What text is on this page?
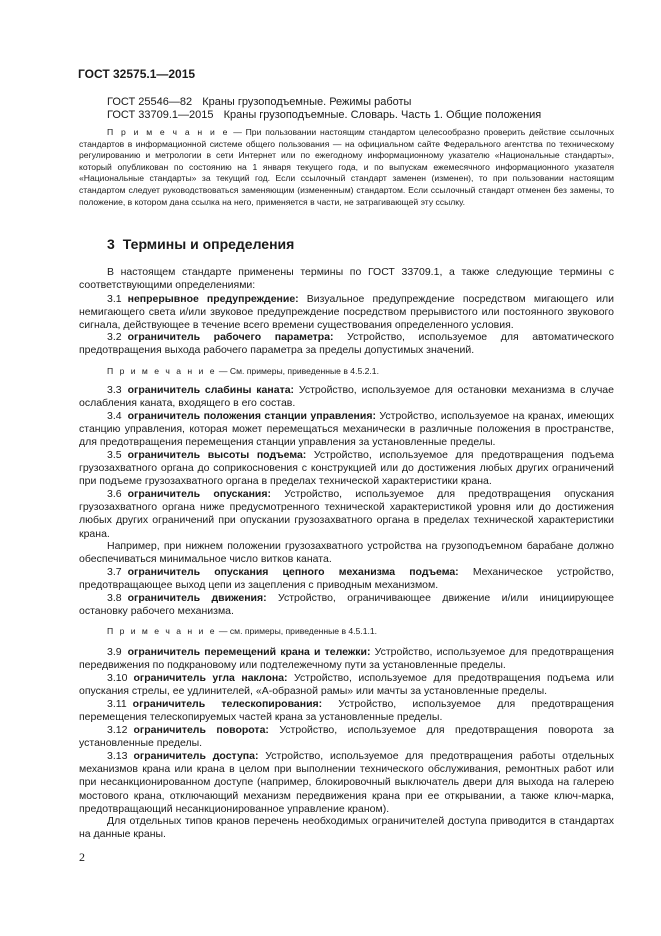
ГОСТ 32575.1—2015
ГОСТ 25546—82 Краны грузоподъемные. Режимы работы
ГОСТ 33709.1—2015 Краны грузоподъемные. Словарь. Часть 1. Общие положения
П р и м е ч а н и е — При пользовании настоящим стандартом целесообразно проверить действие ссылочных стандартов в информационной системе общего пользования — на официальном сайте Федерального агентства по техническому регулированию и метрологии в сети Интернет или по ежегодному информационному указателю «Национальные стандарты», который опубликован по состоянию на 1 января текущего года, и по выпускам ежемесячного информационного указателя «Национальные стандарты» за текущий год. Если ссылочный стандарт заменен (изменен), то при пользовании настоящим стандартом следует руководствоваться заменяющим (измененным) стандартом. Если ссылочный стандарт отменен без замены, то положение, в котором дана ссылка на него, применяется в части, не затрагивающей эту ссылку.
3 Термины и определения
В настоящем стандарте применены термины по ГОСТ 33709.1, а также следующие термины с соответствующими определениями:
3.1 непрерывное предупреждение: Визуальное предупреждение посредством мигающего или немигающего света и/или звуковое предупреждение посредством прерывистого или постоянного звукового сигнала, действующее в течение всего времени существования определенного условия.
3.2 ограничитель рабочего параметра: Устройство, используемое для автоматического предотвращения выхода рабочего параметра за пределы допустимых значений.
П р и м е ч а н и е — См. примеры, приведенные в 4.5.2.1.
3.3 ограничитель слабины каната: Устройство, используемое для остановки механизма в случае ослабления каната, входящего в его состав.
3.4 ограничитель положения станции управления: Устройство, используемое на кранах, имеющих станцию управления, которая может перемещаться механически в различные положения в пространстве, для предотвращения перемещения станции управления за установленные пределы.
3.5 ограничитель высоты подъема: Устройство, используемое для предотвращения подъема грузозахватного органа до соприкосновения с конструкцией или до достижения любых других ограничений при подъеме грузозахватного органа в пределах технической характеристики крана.
3.6 ограничитель опускания: Устройство, используемое для предотвращения опускания грузозахватного органа ниже предусмотренного технической характеристикой уровня или до достижения любых других ограничений при опускании грузозахватного органа в пределах технической характеристики крана.
Например, при нижнем положении грузозахватного устройства на грузоподъемном барабане должно обеспечиваться минимальное число витков каната.
3.7 ограничитель опускания цепного механизма подъема: Механическое устройство, предотвращающее выход цепи из зацепления с приводным механизмом.
3.8 ограничитель движения: Устройство, ограничивающее движение и/или инициирующее остановку рабочего механизма.
П р и м е ч а н и е — см. примеры, приведенные в 4.5.1.1.
3.9 ограничитель перемещений крана и тележки: Устройство, используемое для предотвращения передвижения по подкрановому или подтележечному пути за установленные пределы.
3.10 ограничитель угла наклона: Устройство, используемое для предотвращения подъема или опускания стрелы, ее удлинителей, «А-образной рамы» или мачты за установленные пределы.
3.11 ограничитель телескопирования: Устройство, используемое для предотвращения перемещения телескопируемых частей крана за установленные пределы.
3.12 ограничитель поворота: Устройство, используемое для предотвращения поворота за установленные пределы.
3.13 ограничитель доступа: Устройство, используемое для предотвращения работы отдельных механизмов крана или крана в целом при выполнении технического обслуживания, ремонтных работ или при несанкционированном доступе (например, блокировочный выключатель двери для выхода на галерею мостового крана, отключающий механизм передвижения крана при ее открывании, а также ключ-марка, предотвращающий несанкционированное управление краном).
Для отдельных типов кранов перечень необходимых ограничителей доступа приводится в стандартах на данные краны.
2
